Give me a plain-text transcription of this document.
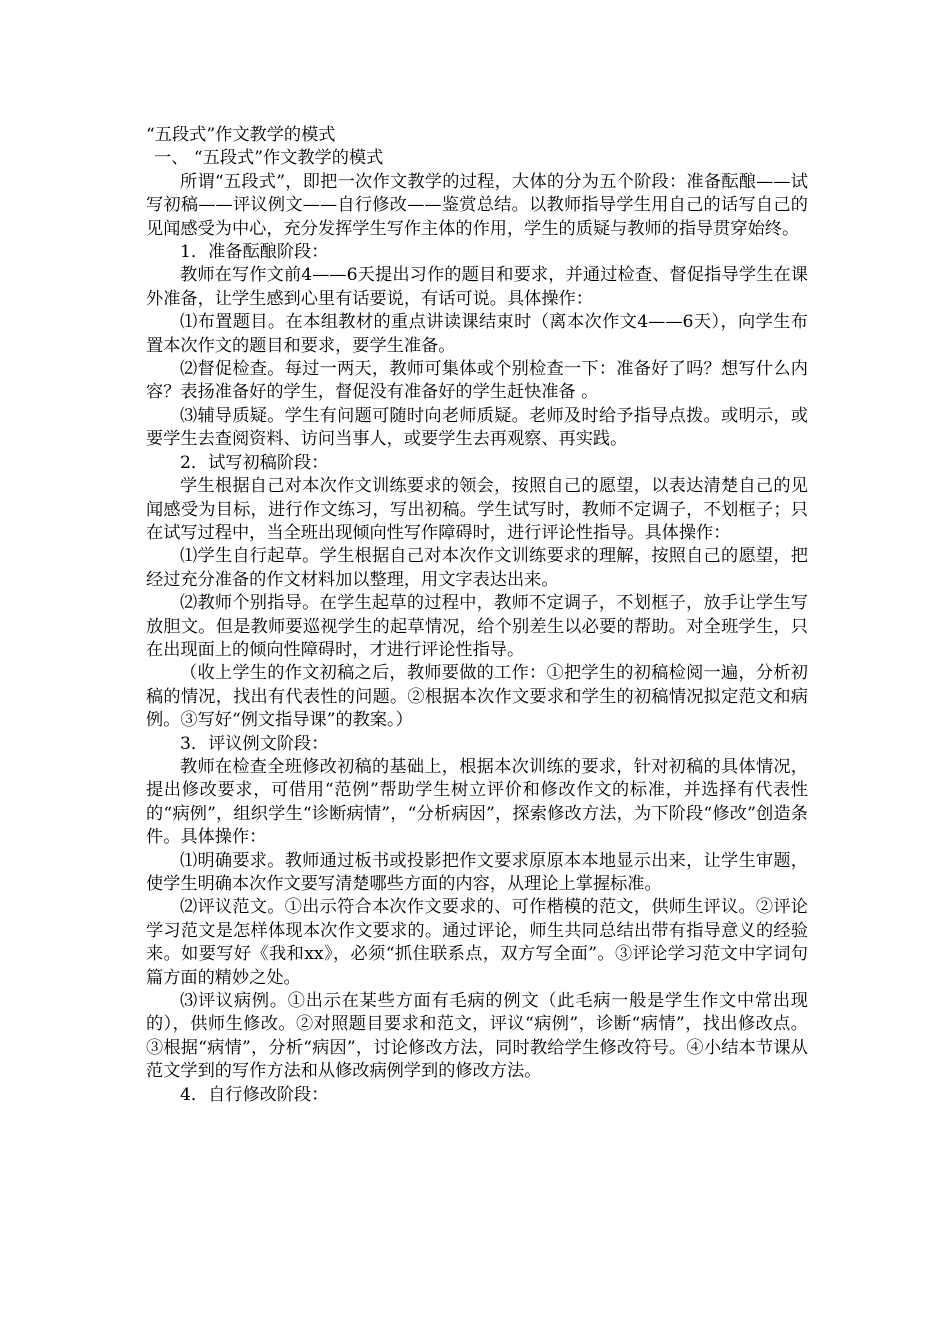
“五段式”作文教学的模式

一、 “五段式”作文教学的模式

所谓“五段式”，即把一次作文教学的过程，大体的分为五个阶段：准备酝酿——试写初稿——评议例文——自行修改——鉴赏总结。以教师指导学生用自己的话写自己的见闻感受为中心，充分发挥学生写作主体的作用，学生的质疑与教师的指导贯穿始终。

1．准备酝酿阶段：

教师在写作文前4——6天提出习作的题目和要求，并通过检查、督促指导学生在课外准备，让学生感到心里有话要说，有话可说。具体操作：

⑴布置题目。在本组教材的重点讲读课结束时（离本次作文4——6天），向学生布置本次作文的题目和要求，要学生准备。

⑵督促检查。每过一两天，教师可集体或个别检查一下：准备好了吗？想写什么内容？表扬准备好的学生，督促没有准备好的学生赶快准备 。

⑶辅导质疑。学生有问题可随时向老师质疑。老师及时给予指导点拨。或明示，或要学生去查阅资料、访问当事人，或要学生去再观察、再实践。

2．试写初稿阶段：

学生根据自己对本次作文训练要求的领会，按照自己的愿望，以表达清楚自己的见闻感受为目标，进行作文练习，写出初稿。学生试写时，教师不定调子，不划框子；只在试写过程中，当全班出现倾向性写作障碍时，进行评论性指导。具体操作：

⑴学生自行起草。学生根据自己对本次作文训练要求的理解，按照自己的愿望，把经过充分准备的作文材料加以整理，用文字表达出来。

⑵教师个别指导。在学生起草的过程中，教师不定调子，不划框子，放手让学生写放胆文。但是教师要巡视学生的起草情况，给个别差生以必要的帮助。对全班学生，只在出现面上的倾向性障碍时，才进行评论性指导。

（收上学生的作文初稿之后，教师要做的工作：①把学生的初稿检阅一遍，分析初稿的情况，找出有代表性的问题。②根据本次作文要求和学生的初稿情况拟定范文和病例。③写好“例文指导课”的教案。）

3．评议例文阶段：

教师在检查全班修改初稿的基础上，根据本次训练的要求，针对初稿的具体情况，提出修改要求，可借用“范例”帮助学生树立评价和修改作文的标准，并选择有代表性的“病例”，组织学生“诊断病情”，“分析病因”，探索修改方法，为下阶段“修改”创造条件。具体操作：

⑴明确要求。教师通过板书或投影把作文要求原原本本地显示出来，让学生审题，使学生明确本次作文要写清楚哪些方面的内容，从理论上掌握标准。

⑵评议范文。①出示符合本次作文要求的、可作楷模的范文，供师生评议。②评论学习范文是怎样体现本次作文要求的。通过评论，师生共同总结出带有指导意义的经验来。如要写好《我和xx》，必须“抓住联系点，双方写全面”。③评论学习范文中字词句篇方面的精妙之处。

⑶评议病例。①出示在某些方面有毛病的例文（此毛病一般是学生作文中常出现的），供师生修改。②对照题目要求和范文，评议“病例”，诊断“病情”，找出修改点。③根据“病情”，分析“病因”，讨论修改方法，同时教给学生修改符号。④小结本节课从范文学到的写作方法和从修改病例学到的修改方法。

4．自行修改阶段：
